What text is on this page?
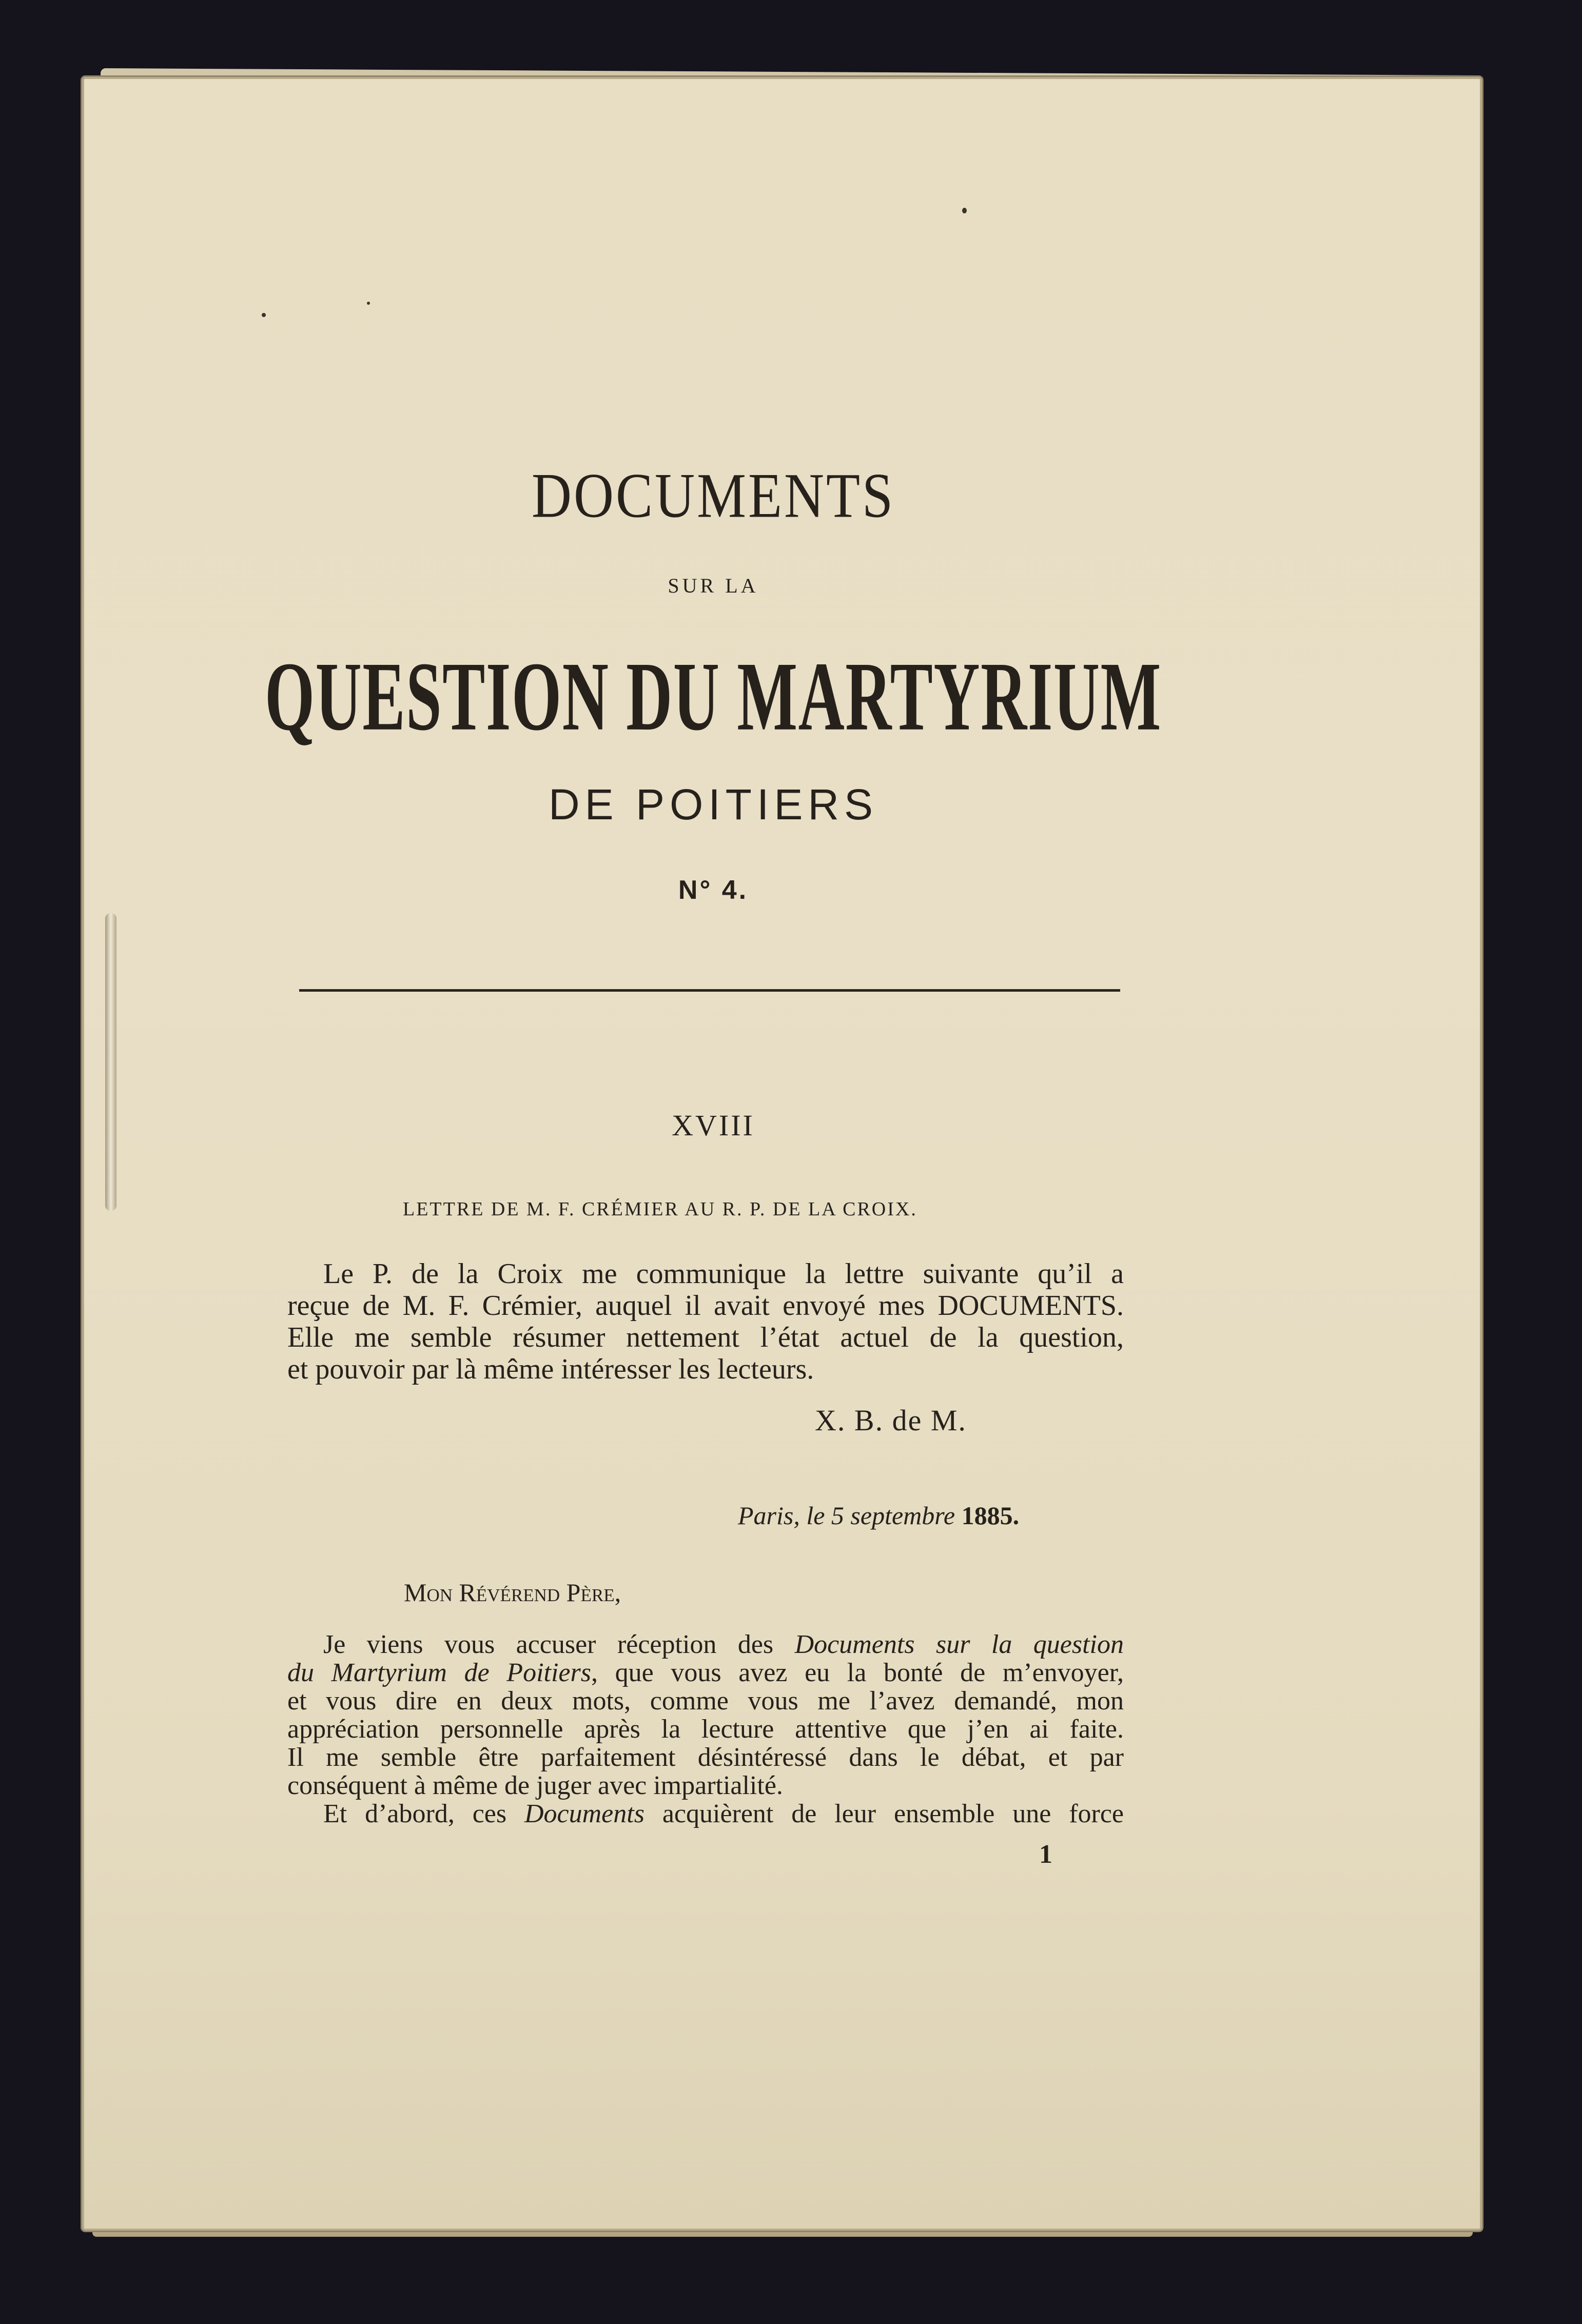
DOCUMENTS
SUR LA
QUESTION DU MARTYRIUM
DE POITIERS
N° 4.
XVIII
LETTRE DE M. F. CRÉMIER AU R. P. DE LA CROIX.
Le P. de la Croix me communique la lettre suivante qu’il a
reçue de M. F. Crémier, auquel il avait envoyé mes DOCUMENTS.
Elle me semble résumer nettement l’état actuel de la question,
et pouvoir par là même intéresser les lecteurs.
X. B. de M.
Paris, le 5 septembre 1885.
Mon Révérend Père,
Je viens vous accuser réception des Documents sur la question
du Martyrium de Poitiers, que vous avez eu la bonté de m’envoyer,
et vous dire en deux mots, comme vous me l’avez demandé, mon
appréciation personnelle après la lecture attentive que j’en ai faite.
Il me semble être parfaitement désintéressé dans le débat, et par
conséquent à même de juger avec impartialité.
Et d’abord, ces Documents acquièrent de leur ensemble une force
1
